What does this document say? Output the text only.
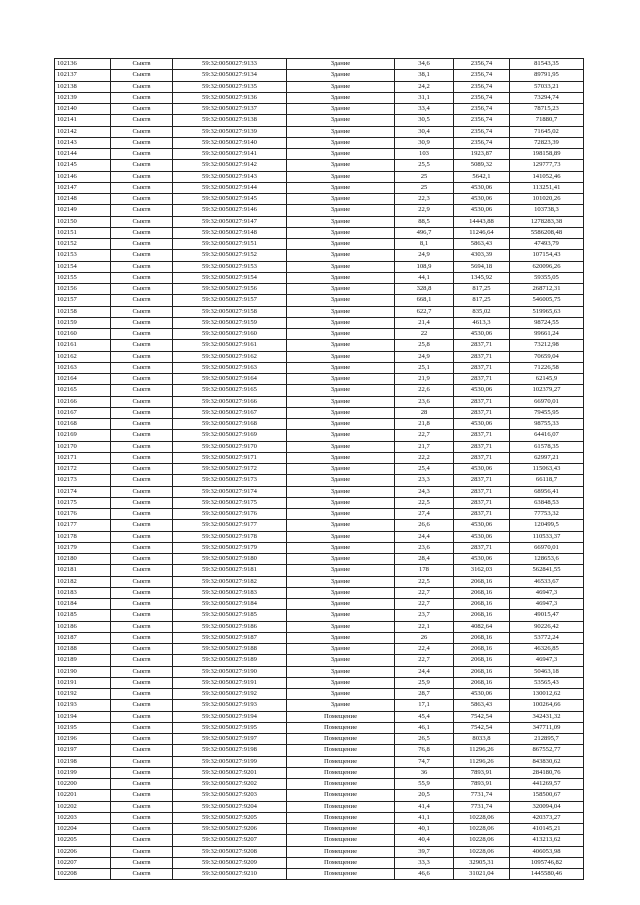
102136	Сыктв	59:32:0050027:9133	Здание	34,6	2356,74	81543,35
102137	Сыктв	59:32:0050027:9134	Здание	38,1	2356,74	89791,95
102138	Сыктв	59:32:0050027:9135	Здание	24,2	2356,74	57033,21
102139	Сыктв	59:32:0050027:9136	Здание	31,1	2356,74	73294,74
102140	Сыктв	59:32:0050027:9137	Здание	33,4	2356,74	78715,23
102141	Сыктв	59:32:0050027:9138	Здание	30,5	2356,74	71880,7
102142	Сыктв	59:32:0050027:9139	Здание	30,4	2356,74	71645,02
102143	Сыктв	59:32:0050027:9140	Здание	30,9	2356,74	72823,39
102144	Сыктв	59:32:0050027:9141	Здание	103	1923,87	198158,89
102145	Сыктв	59:32:0050027:9142	Здание	25,5	5089,32	129777,73
102146	Сыктв	59:32:0050027:9143	Здание	25	5642,1	141052,46
102147	Сыктв	59:32:0050027:9144	Здание	25	4530,06	113251,41
102148	Сыктв	59:32:0050027:9145	Здание	22,3	4530,06	101020,26
102149	Сыктв	59:32:0050027:9146	Здание	22,9	4530,06	103738,3
102150	Сыктв	59:32:0050027:9147	Здание	88,5	14443,88	1278283,38
102151	Сыктв	59:32:0050027:9148	Здание	496,7	11246,64	5586208,48
102152	Сыктв	59:32:0050027:9151	Здание	8,1	5863,43	47493,79
102153	Сыктв	59:32:0050027:9152	Здание	24,9	4303,39	107154,43
102154	Сыктв	59:32:0050027:9153	Здание	108,9	5694,18	620096,26
102155	Сыктв	59:32:0050027:9154	Здание	44,1	1345,92	59355,05
102156	Сыктв	59:32:0050027:9156	Здание	328,8	817,25	268712,31
102157	Сыктв	59:32:0050027:9157	Здание	668,1	817,25	546005,75
102158	Сыктв	59:32:0050027:9158	Здание	622,7	835,02	519965,63
102159	Сыктв	59:32:0050027:9159	Здание	21,4	4613,3	98724,55
102160	Сыктв	59:32:0050027:9160	Здание	22	4530,06	99661,24
102161	Сыктв	59:32:0050027:9161	Здание	25,8	2837,71	73212,98
102162	Сыктв	59:32:0050027:9162	Здание	24,9	2837,71	70659,04
102163	Сыктв	59:32:0050027:9163	Здание	25,1	2837,71	71226,58
102164	Сыктв	59:32:0050027:9164	Здание	21,9	2837,71	62145,9
102165	Сыктв	59:32:0050027:9165	Здание	22,6	4530,06	102379,27
102166	Сыктв	59:32:0050027:9166	Здание	23,6	2837,71	66970,01
102167	Сыктв	59:32:0050027:9167	Здание	28	2837,71	79455,95
102168	Сыктв	59:32:0050027:9168	Здание	21,8	4530,06	98755,33
102169	Сыктв	59:32:0050027:9169	Здание	22,7	2837,71	64416,07
102170	Сыктв	59:32:0050027:9170	Здание	21,7	2837,71	61578,35
102171	Сыктв	59:32:0050027:9171	Здание	22,2	2837,71	62997,21
102172	Сыктв	59:32:0050027:9172	Здание	25,4	4530,06	115063,43
102173	Сыктв	59:32:0050027:9173	Здание	23,3	2837,71	66118,7
102174	Сыктв	59:32:0050027:9174	Здание	24,3	2837,71	68956,41
102175	Сыктв	59:32:0050027:9175	Здание	22,5	2837,71	63848,53
102176	Сыктв	59:32:0050027:9176	Здание	27,4	2837,71	77753,32
102177	Сыктв	59:32:0050027:9177	Здание	26,6	4530,06	120499,5
102178	Сыктв	59:32:0050027:9178	Здание	24,4	4530,06	110533,37
102179	Сыктв	59:32:0050027:9179	Здание	23,6	2837,71	66970,01
102180	Сыктв	59:32:0050027:9180	Здание	28,4	4530,06	128653,6
102181	Сыктв	59:32:0050027:9181	Здание	178	3162,03	562841,55
102182	Сыктв	59:32:0050027:9182	Здание	22,5	2068,16	46533,67
102183	Сыктв	59:32:0050027:9183	Здание	22,7	2068,16	46947,3
102184	Сыктв	59:32:0050027:9184	Здание	22,7	2068,16	46947,3
102185	Сыктв	59:32:0050027:9185	Здание	23,7	2068,16	49015,47
102186	Сыктв	59:32:0050027:9186	Здание	22,1	4082,64	90226,42
102187	Сыктв	59:32:0050027:9187	Здание	26	2068,16	53772,24
102188	Сыктв	59:32:0050027:9188	Здание	22,4	2068,16	46326,85
102189	Сыктв	59:32:0050027:9189	Здание	22,7	2068,16	46947,3
102190	Сыктв	59:32:0050027:9190	Здание	24,4	2068,16	50463,18
102191	Сыктв	59:32:0050027:9191	Здание	25,9	2068,16	53565,43
102192	Сыктв	59:32:0050027:9192	Здание	28,7	4530,06	130012,62
102193	Сыктв	59:32:0050027:9193	Здание	17,1	5863,43	100264,66
102194	Сыктв	59:32:0050027:9194	Помещение	45,4	7542,54	342431,32
102195	Сыктв	59:32:0050027:9195	Помещение	46,1	7542,54	347711,09
102196	Сыктв	59:32:0050027:9197	Помещение	26,5	8033,8	212895,7
102197	Сыктв	59:32:0050027:9198	Помещение	76,8	11296,26	867552,77
102198	Сыктв	59:32:0050027:9199	Помещение	74,7	11296,26	843830,62
102199	Сыктв	59:32:0050027:9201	Помещение	36	7893,91	284180,76
102200	Сыктв	59:32:0050027:9202	Помещение	55,9	7893,91	441269,57
102201	Сыктв	59:32:0050027:9203	Помещение	20,5	7731,74	158500,67
102202	Сыктв	59:32:0050027:9204	Помещение	41,4	7731,74	320094,04
102203	Сыктв	59:32:0050027:9205	Помещение	41,1	10228,06	420373,27
102204	Сыктв	59:32:0050027:9206	Помещение	40,1	10228,06	410145,21
102205	Сыктв	59:32:0050027:9207	Помещение	40,4	10228,06	413213,62
102206	Сыктв	59:32:0050027:9208	Помещение	39,7	10228,06	406053,98
102207	Сыктв	59:32:0050027:9209	Помещение	33,3	32905,31	1095746,82
102208	Сыктв	59:32:0050027:9210	Помещение	46,6	31021,04	1445580,46
